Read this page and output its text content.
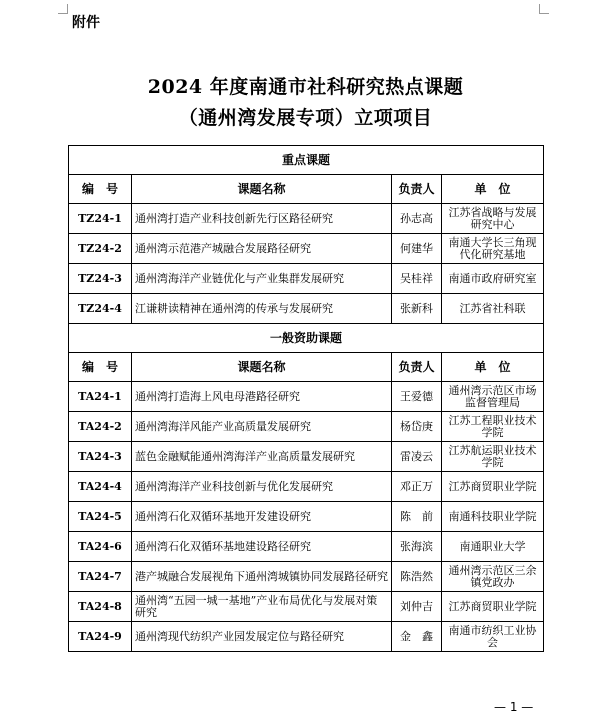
附件
2024 年度南通市社科研究热点课题
（通州湾发展专项）立项项目
重点课题			
编　号	课题名称	负责人	单　位
TZ24-1	通州湾打造产业科技创新先行区路径研究	孙志高	江苏省战略与发展研究中心
TZ24-2	通州湾示范港产城融合发展路径研究	何建华	南通大学长三角现代化研究基地
TZ24-3	通州湾海洋产业链优化与产业集群发展研究	吴桂祥	南通市政府研究室
TZ24-4	江谦耕读精神在通州湾的传承与发展研究	张新科	江苏省社科联
一般资助课题			
编　号	课题名称	负责人	单　位
TA24-1	通州湾打造海上风电母港路径研究	王爱德	通州湾示范区市场监督管理局
TA24-2	通州湾海洋风能产业高质量发展研究	杨岱庚	江苏工程职业技术学院
TA24-3	蓝色金融赋能通州湾海洋产业高质量发展研究	雷凌云	江苏航运职业技术学院
TA24-4	通州湾海洋产业科技创新与优化发展研究	邓正万	江苏商贸职业学院
TA24-5	通州湾石化双循环基地开发建设研究	陈　前	南通科技职业学院
TA24-6	通州湾石化双循环基地建设路径研究	张海滨	南通职业大学
TA24-7	港产城融合发展视角下通州湾城镇协同发展路径研究	陈浩然	通州湾示范区三余镇党政办
TA24-8	通州湾“五园一城一基地”产业布局优化与发展对策研究	刘仲吉	江苏商贸职业学院
TA24-9	通州湾现代纺织产业园发展定位与路径研究	金　鑫	南通市纺织工业协会
— 1 —
